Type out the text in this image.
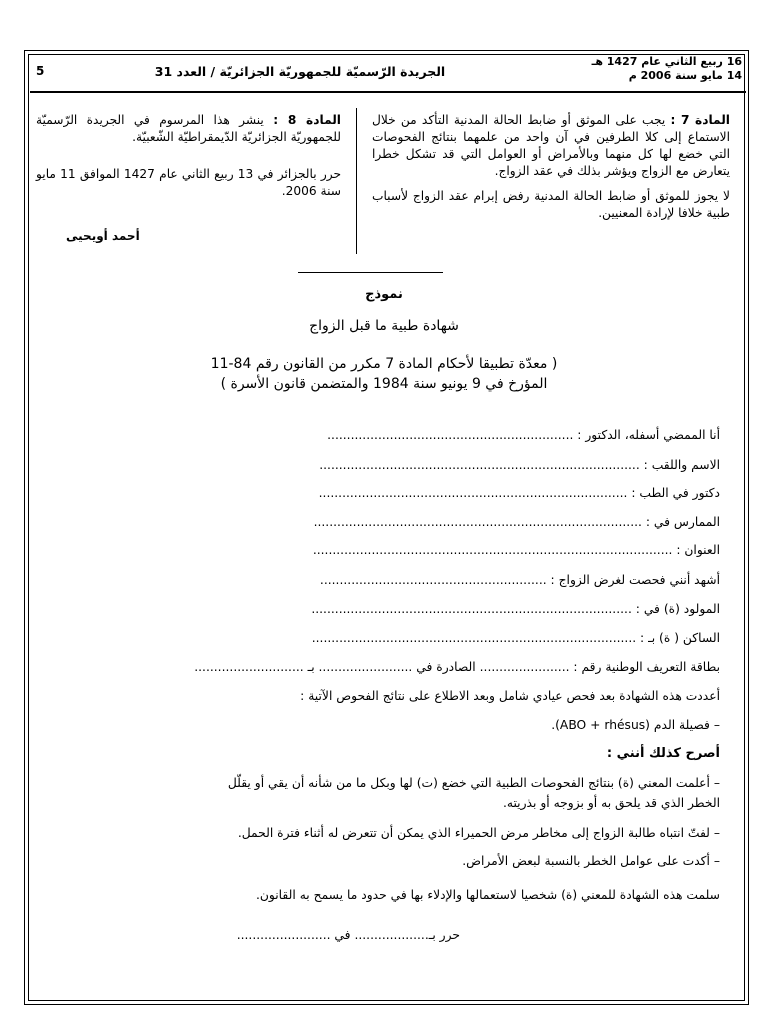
16 ربيع الثاني عام 1427 هـ
14 مايو سنة 2006 م
الجريدة الرّسميّة للجمهوريّة الجزائريّة / العدد 31
5
المادة 7 : يجب على الموثق أو ضابط الحالة المدنية التأكد من خلال الاستماع إلى كلا الطرفين في آن واحد من علمهما بنتائج الفحوصات التي خضع لها كل منهما وبالأمراض أو العوامل التي قد تشكل خطرا يتعارض مع الزواج ويؤشر بذلك في عقد الزواج.
لا يجوز للموثق أو ضابط الحالة المدنية رفض إبرام عقد الزواج لأسباب طبية خلافا لإرادة المعنيين.
المادة 8 : ينشر هذا المرسوم في الجريدة الرّسميّة للجمهوريّة الجزائريّة الدّيمقراطيّة الشّعبيّة.
حرر بالجزائر في 13 ربيع الثاني عام 1427 الموافق 11 مايو سنة 2006.
أحمد أويحيى
نموذج
شهادة طبية ما قبل الزواج
( معدّة تطبيقا لأحكام المادة 7 مكرر من القانون رقم 84-11
المؤرخ في 9 يونيو سنة 1984 والمتضمن قانون الأسرة )
أنا الممضي أسفله، الدكتور : ...............................................................
الاسم واللقب : ..................................................................................
دكتور في الطب : ...............................................................................
الممارس في : ....................................................................................
العنوان : ............................................................................................
أشهد أنني فحصت لغرض الزواج : ..........................................................
المولود (ة) في : ..................................................................................
الساكن ( ة) بـ : ...................................................................................
بطاقة التعريف الوطنية رقم : ....................... الصادرة في ........................ بـ ............................
أعددت هذه الشهادة بعد فحص عيادي شامل وبعد الاطلاع على نتائج الفحوص الآتية :
– فصيلة الدم (ABO + rhésus).
أصرح كذلك أنني :
– أعلمت المعني (ة) بنتائج الفحوصات الطبية التي خضع (ت) لها وبكل ما من شأنه أن يقي أو يقلّل
الخطر الذي قد يلحق به أو بزوجه أو بذريته.
– لفتّ انتباه طالبة الزواج إلى مخاطر مرض الحميراء الذي يمكن أن تتعرض له أثناء فترة الحمل.
– أكدت على عوامل الخطر بالنسبة لبعض الأمراض.
سلمت هذه الشهادة للمعني (ة) شخصيا لاستعمالها والإدلاء بها في حدود ما يسمح به القانون.
حرر بـ................... في ........................
